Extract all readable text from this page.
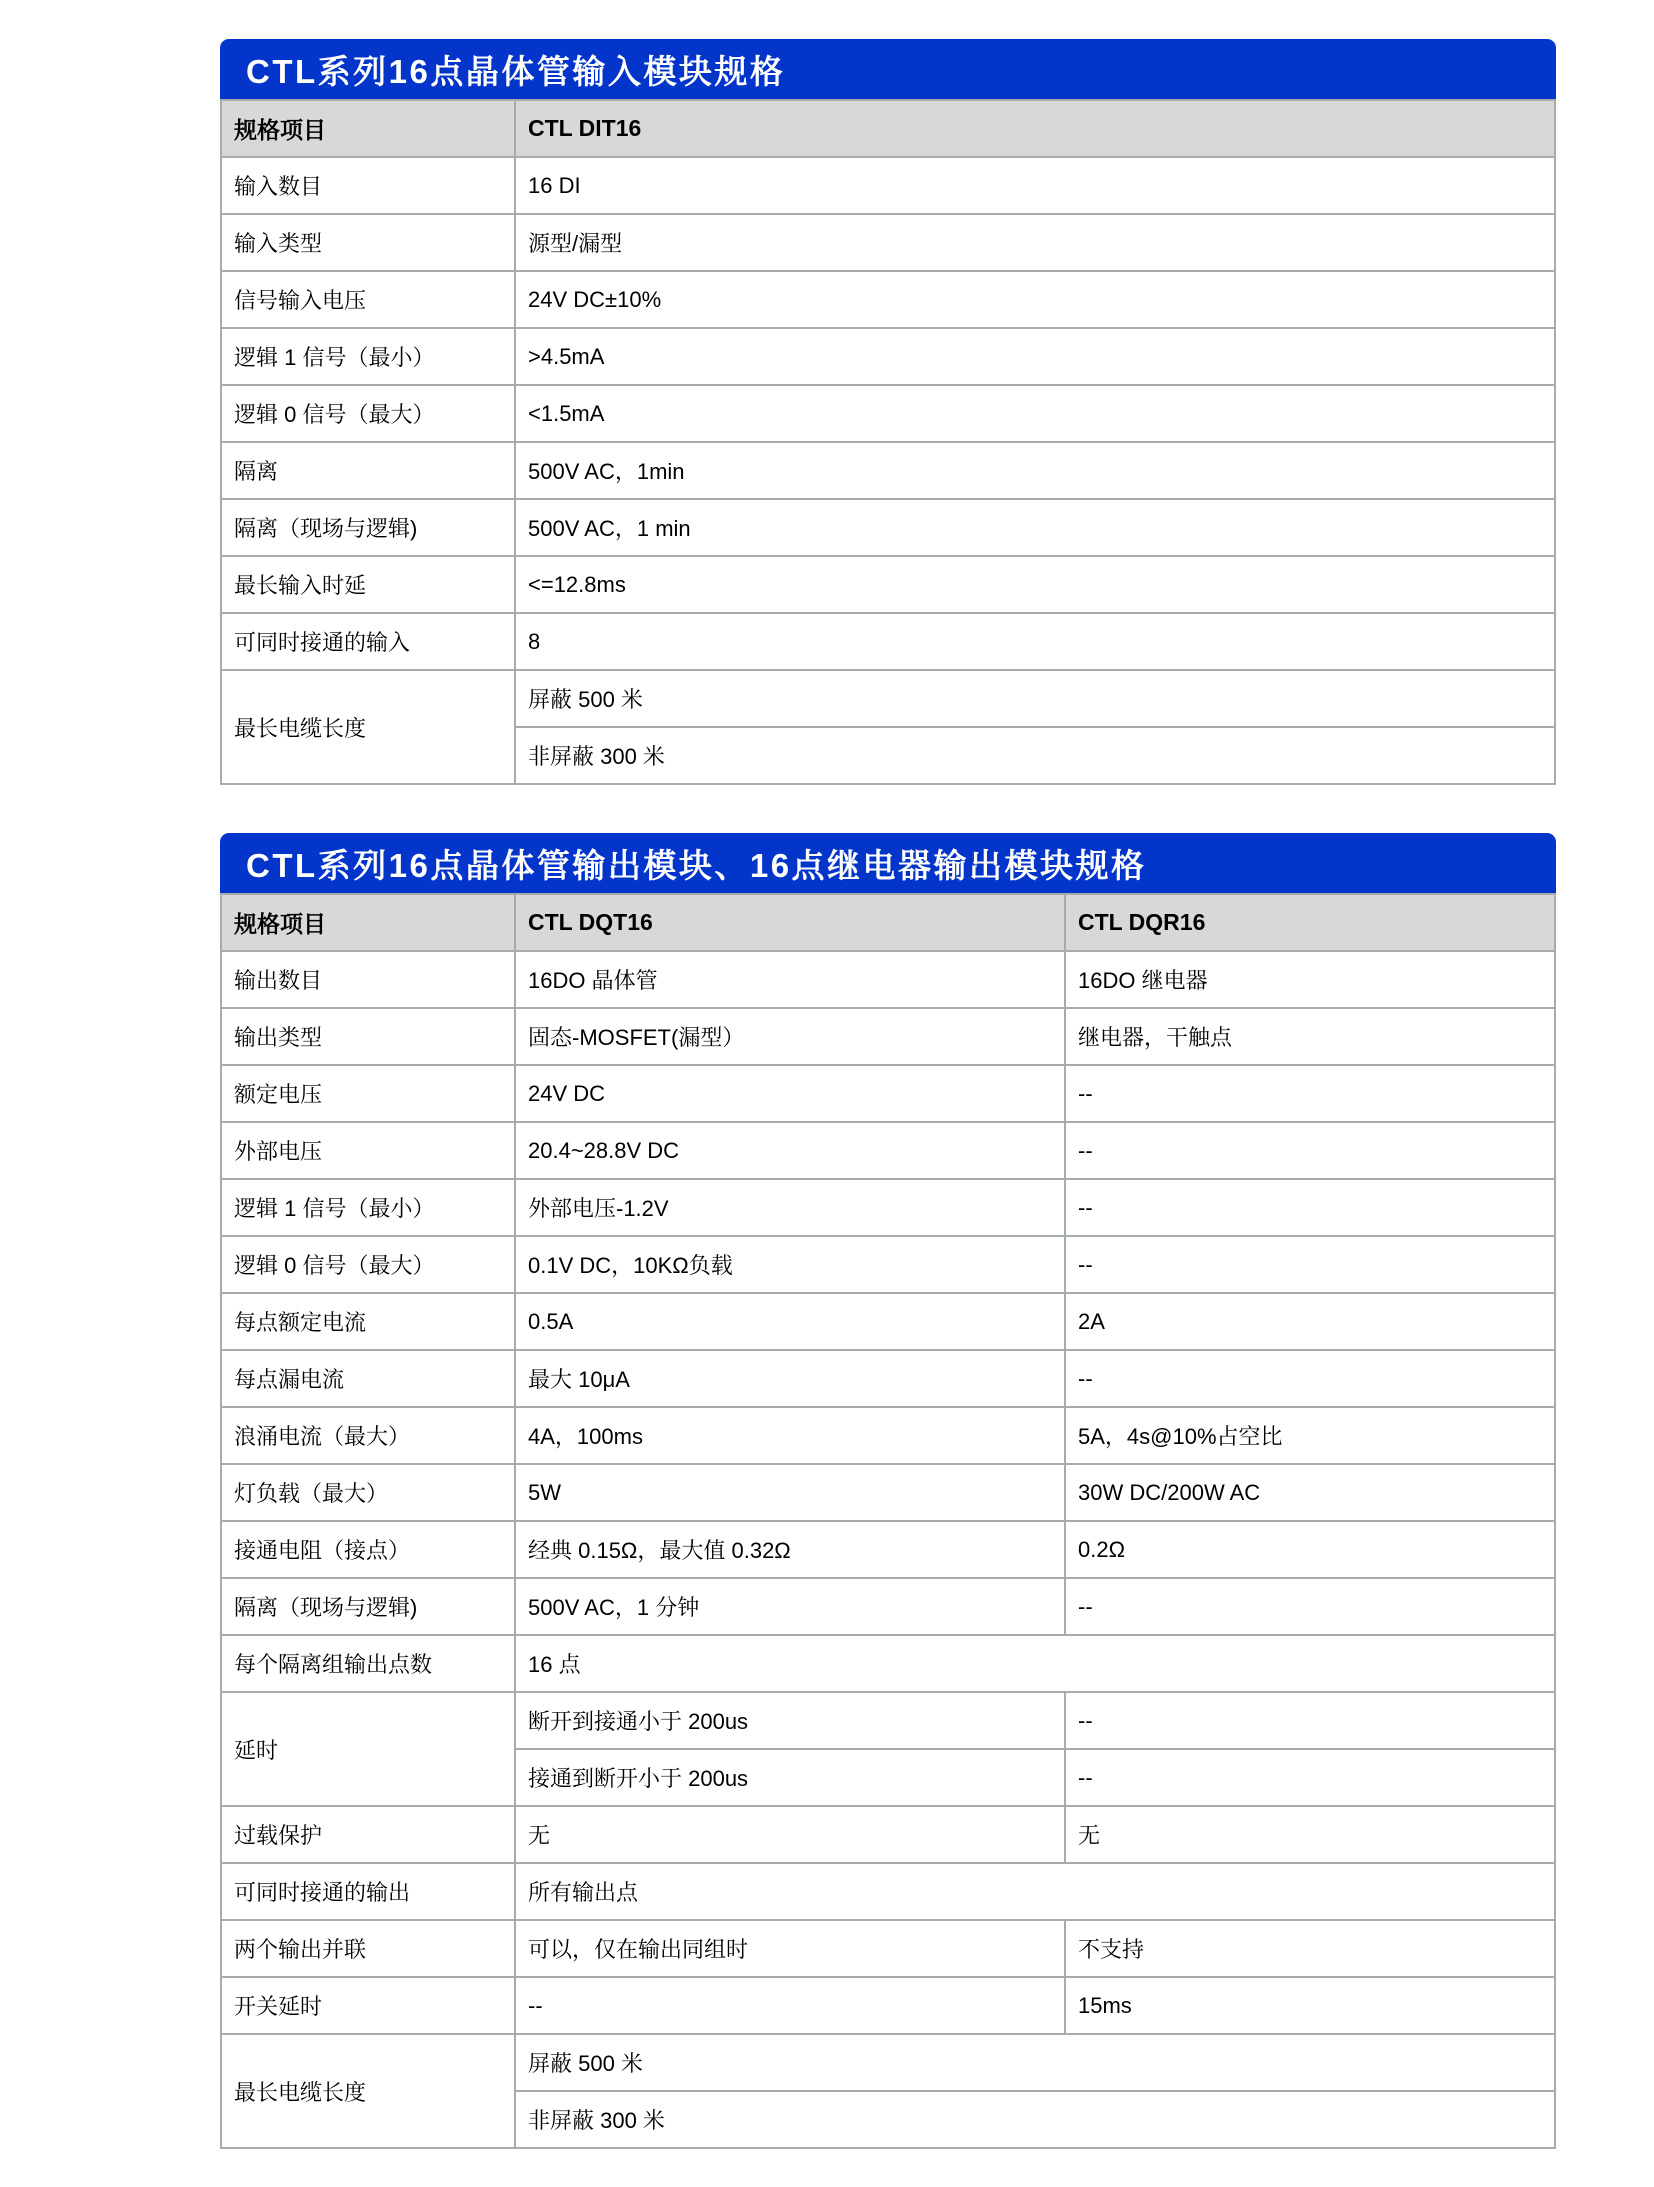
CTL系列16点晶体管输入模块规格
规格项目	CTL DIT16
输入数目	16 DI
输入类型	源型/漏型
信号输入电压	24V DC±10%
逻辑 1 信号（最小）	>4.5mA
逻辑 0 信号（最大）	<1.5mA
隔离	500V AC，1min
隔离（现场与逻辑)	500V AC，1 min
最长输入时延	<=12.8ms
可同时接通的输入	8
最长电缆长度	屏蔽 500 米
	非屏蔽 300 米
CTL系列16点晶体管输出模块、16点继电器输出模块规格
规格项目	CTL DQT16	CTL DQR16
输出数目	16DO 晶体管	16DO 继电器
输出类型	固态-MOSFET(漏型）	继电器，干触点
额定电压	24V DC	--
外部电压	20.4~28.8V DC	--
逻辑 1 信号（最小）	外部电压-1.2V	--
逻辑 0 信号（最大）	0.1V DC，10KΩ负载	--
每点额定电流	0.5A	2A
每点漏电流	最大 10μA	--
浪涌电流（最大）	4A，100ms	5A，4s@10%占空比
灯负载（最大）	5W	30W DC/200W AC
接通电阻（接点）	经典 0.15Ω，最大值 0.32Ω	0.2Ω
隔离（现场与逻辑)	500V AC，1 分钟	--
每个隔离组输出点数	16 点	
延时	断开到接通小于 200us	--
	接通到断开小于 200us	--
过载保护	无	无
可同时接通的输出	所有输出点	
两个输出并联	可以，仅在输出同组时	不支持
开关延时	--	15ms
最长电缆长度	屏蔽 500 米	
	非屏蔽 300 米	
